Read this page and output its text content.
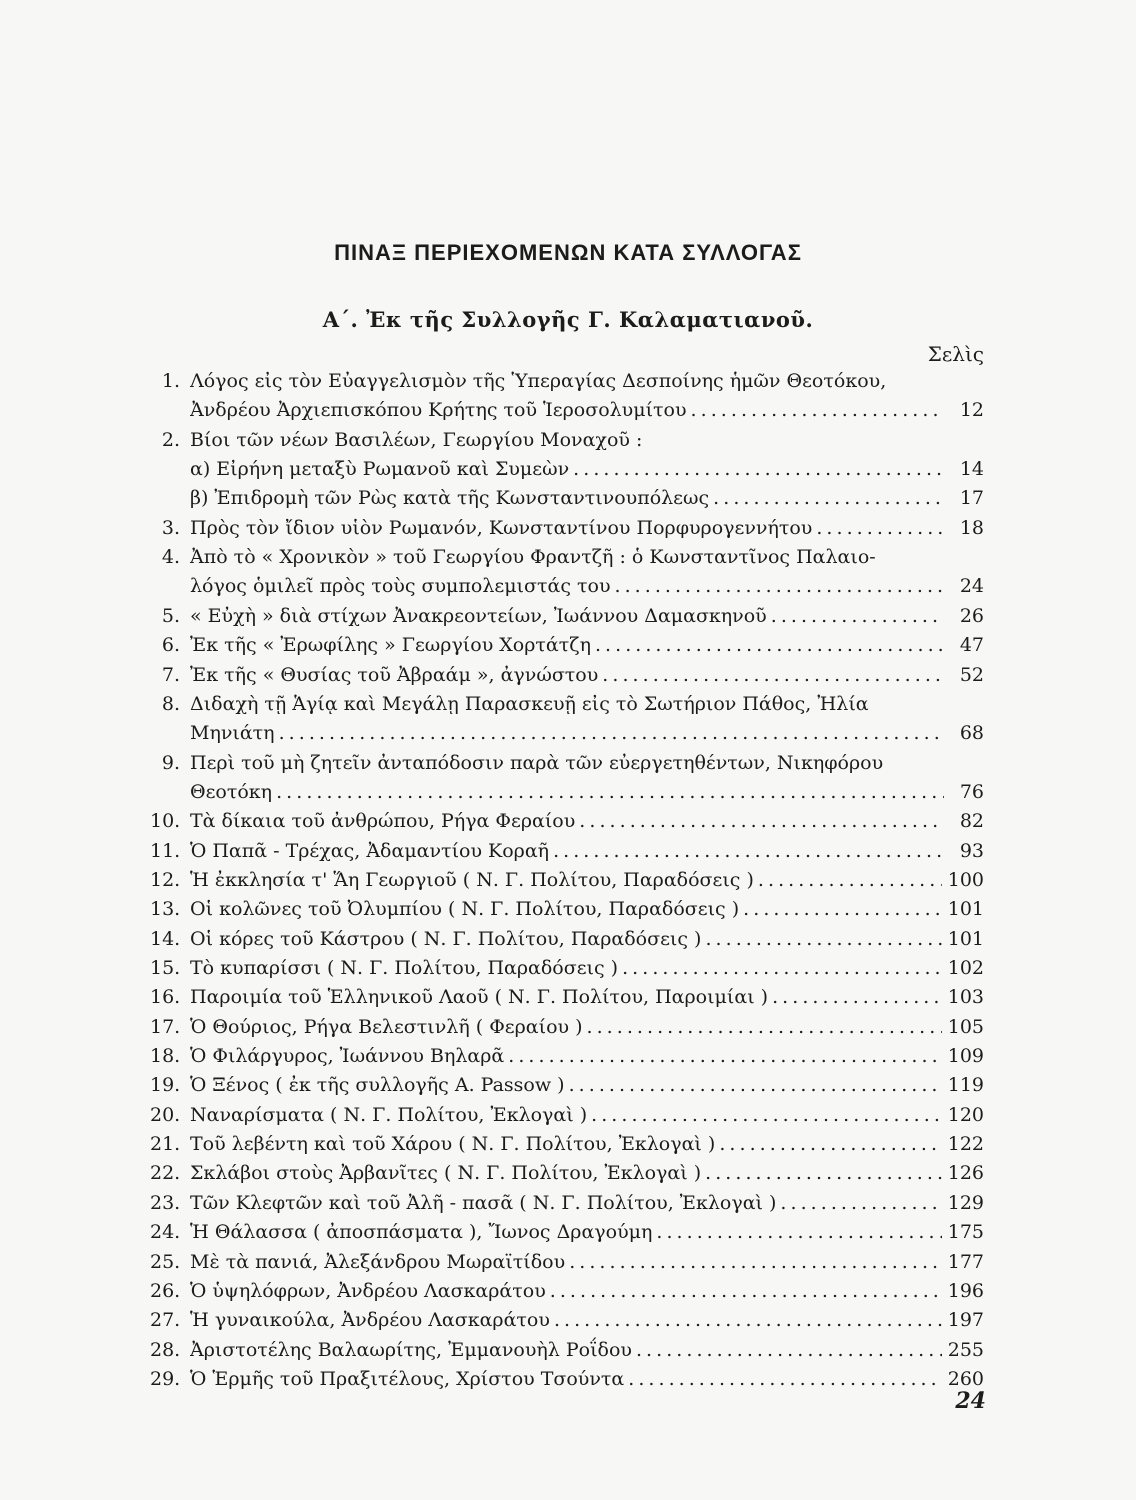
ΠΙΝΑΞ ΠΕΡΙΕΧΟΜΕΝΩΝ ΚΑΤΑ ΣΥΛΛΟΓΑΣ
Α΄. Ἐκ τῆς Συλλογῆς Γ. Καλαματιανοῦ.
Σελὶς
1. Λόγος εἰς τὸν Εὐαγγελισμὸν τῆς Ὑπεραγίας Δεσποίνης ἡμῶν Θεοτόκου,
Ἀνδρέου Ἀρχιεπισκόπου Κρήτης τοῦ Ἱεροσολυμίτου . . .	12
2. Βίοι τῶν νέων Βασιλέων, Γεωργίου Μοναχοῦ :
α) Εἰρήνη μεταξὺ Ρωμανοῦ καὶ Συμεὼν . . .	14
β) Ἐπιδρομὴ τῶν Ρὼς κατὰ τῆς Κωνσταντινουπόλεως . . .	17
3. Πρὸς τὸν ἴδιον υἱὸν Ρωμανόν, Κωνσταντίνου Πορφυρογεννήτου . . .	18
4. Ἀπὸ τὸ « Χρονικὸν » τοῦ Γεωργίου Φραντζῆ : ὁ Κωνσταντῖνος Παλαιο-
λόγος ὁμιλεῖ πρὸς τοὺς συμπολεμιστάς του . . .	24
5. « Εὐχὴ » διὰ στίχων Ἀνακρεοντείων, Ἰωάννου Δαμασκηνοῦ . . .	26
6. Ἐκ τῆς « Ἐρωφίλης » Γεωργίου Χορτάτζη . . .	47
7. Ἐκ τῆς « Θυσίας τοῦ Ἀβραάμ », ἀγνώστου . . .	52
8. Διδαχὴ τῇ Ἁγίᾳ καὶ Μεγάλῃ Παρασκευῇ εἰς τὸ Σωτήριον Πάθος, Ἠλία
Μηνιάτη . . .	68
9. Περὶ τοῦ μὴ ζητεῖν ἀνταπόδοσιν παρὰ τῶν εὐεργετηθέντων, Νικηφόρου
Θεοτόκη . . .	76
10. Τὰ δίκαια τοῦ ἀνθρώπου, Ρήγα Φεραίου . . .	82
11. Ὁ Παπᾶ - Τρέχας, Ἀδαμαντίου Κοραῆ . . .	93
12. Ἡ ἐκκλησία τ' Ἅη Γεωργιοῦ ( Ν. Γ. Πολίτου, Παραδόσεις ) . . .	100
13. Οἱ κολῶνες τοῦ Ὀλυμπίου ( Ν. Γ. Πολίτου, Παραδόσεις ) . . .	101
14. Οἱ κόρες τοῦ Κάστρου ( Ν. Γ. Πολίτου, Παραδόσεις ) . . .	101
15. Τὸ κυπαρίσσι ( Ν. Γ. Πολίτου, Παραδόσεις ) . . .	102
16. Παροιμία τοῦ Ἑλληνικοῦ Λαοῦ ( Ν. Γ. Πολίτου, Παροιμίαι ) . . .	103
17. Ὁ Θούριος, Ρήγα Βελεστινλῆ ( Φεραίου ) . . .	105
18. Ὁ Φιλάργυρος, Ἰωάννου Βηλαρᾶ . . .	109
19. Ὁ Ξένος ( ἐκ τῆς συλλογῆς Α. Passow ) . . .	119
20. Ναναρίσματα ( Ν. Γ. Πολίτου, Ἐκλογαὶ ) . . .	120
21. Τοῦ λεβέντη καὶ τοῦ Χάρου ( Ν. Γ. Πολίτου, Ἐκλογαὶ ) . . .	122
22. Σκλάβοι στοὺς Ἀρβανῖτες ( Ν. Γ. Πολίτου, Ἐκλογαὶ ) . . .	126
23. Τῶν Κλεφτῶν καὶ τοῦ Ἀλῆ - πασᾶ ( Ν. Γ. Πολίτου, Ἐκλογαὶ ) . . .	129
24. Ἡ Θάλασσα ( ἀποσπάσματα ), Ἴωνος Δραγούμη . . .	175
25. Μὲ τὰ πανιά, Ἀλεξάνδρου Μωραϊτίδου . . .	177
26. Ὁ ὑψηλόφρων, Ἀνδρέου Λασκαράτου . . .	196
27. Ἡ γυναικούλα, Ἀνδρέου Λασκαράτου . . .	197
28. Ἀριστοτέλης Βαλαωρίτης, Ἐμμανουὴλ Ροΐδου . . .	255
29. Ὁ Ἑρμῆς τοῦ Πραξιτέλους, Χρίστου Τσούντα . . .	260
24
